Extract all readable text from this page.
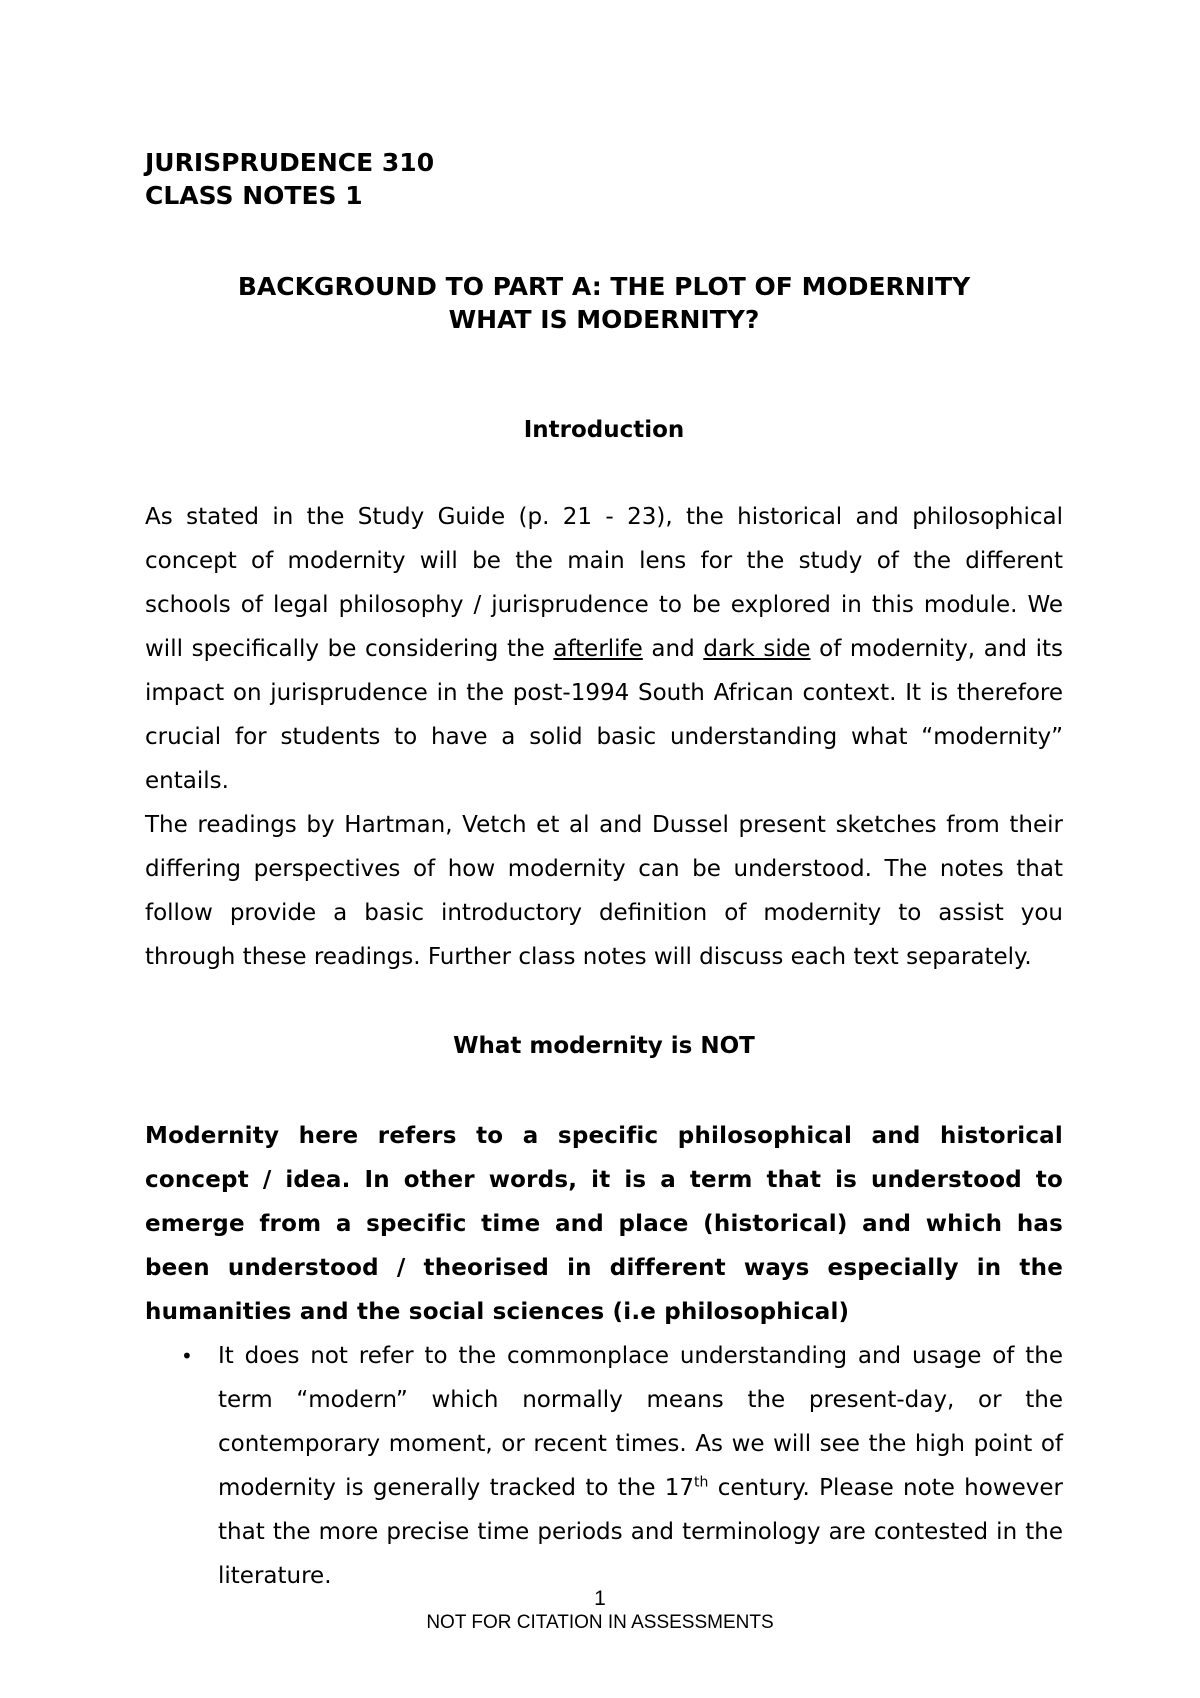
JURISPRUDENCE 310
CLASS NOTES 1
BACKGROUND TO PART A: THE PLOT OF MODERNITY
WHAT IS MODERNITY?
Introduction

As stated in the Study Guide (p. 21 - 23), the historical and philosophical concept of modernity will be the main lens for the study of the different schools of legal philosophy / jurisprudence to be explored in this module. We will specifically be considering the afterlife and dark side of modernity, and its impact on jurisprudence in the post-1994 South African context. It is therefore crucial for students to have a solid basic understanding what “modernity” entails.

The readings by Hartman, Vetch et al and Dussel present sketches from their differing perspectives of how modernity can be understood. The notes that follow provide a basic introductory definition of modernity to assist you through these readings. Further class notes will discuss each text separately.

What modernity is NOT
Modernity here refers to a specific philosophical and historical concept / idea. In other words, it is a term that is understood to emerge from a specific time and place (historical) and which has been understood / theorised in different ways especially in the humanities and the social sciences (i.e philosophical)
• It does not refer to the commonplace understanding and usage of the term “modern” which normally means the present-day, or the contemporary moment, or recent times. As we will see the high point of modernity is generally tracked to the 17th century. Please note however that the more precise time periods and terminology are contested in the literature.
1
NOT FOR CITATION IN ASSESSMENTS
